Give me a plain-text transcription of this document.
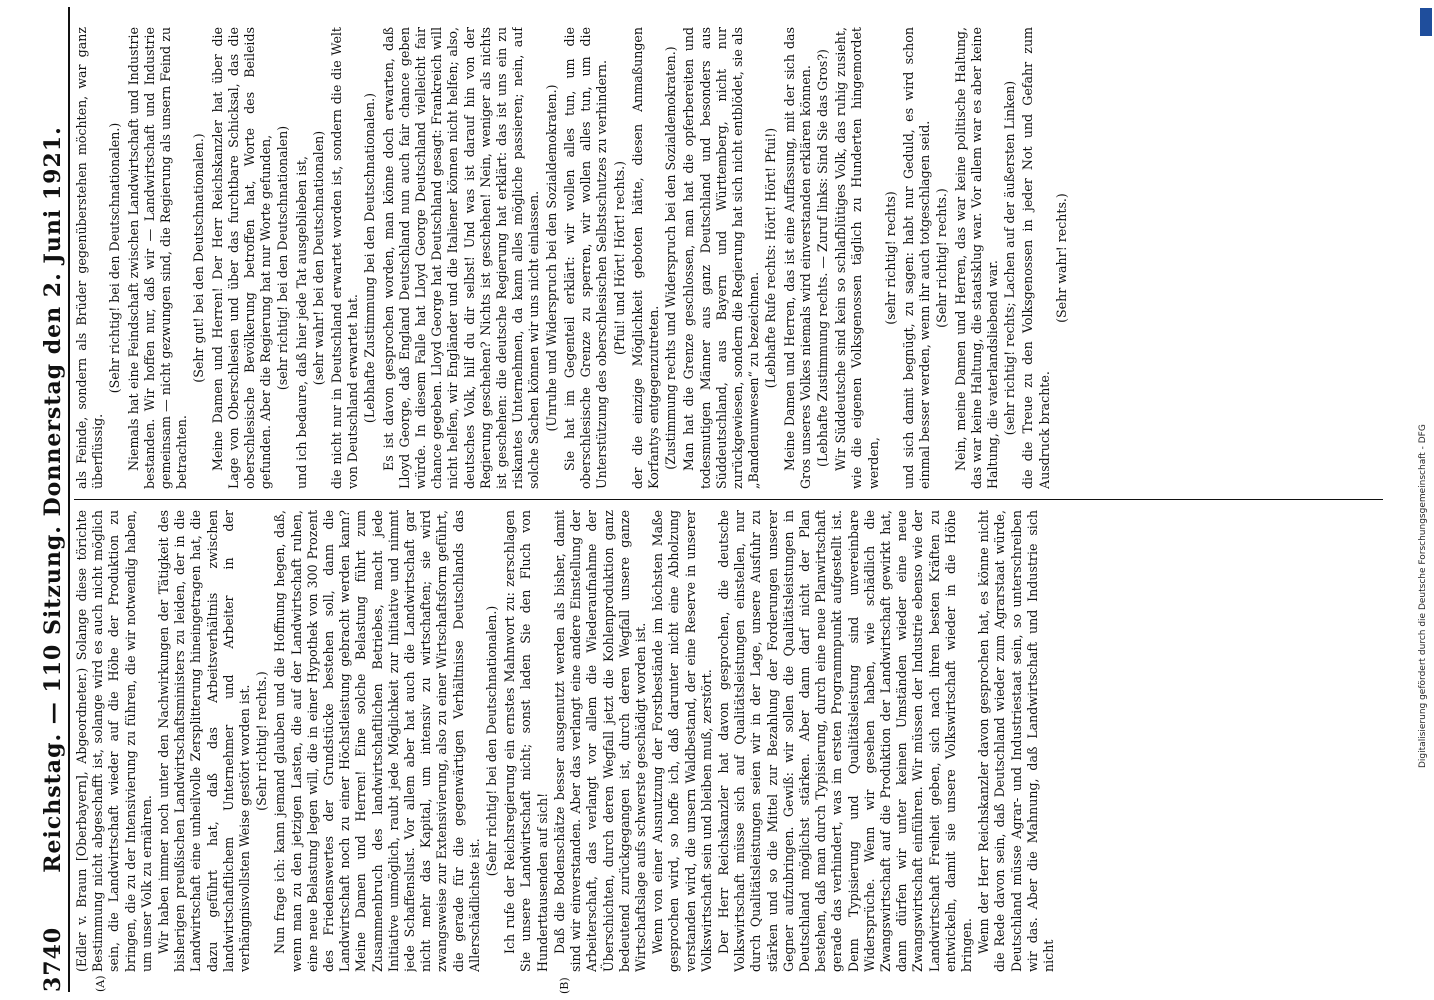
Digitalisierung gefördert durch die Deutsche Forschungsgemeinschaft - DFG
3740
Reichstag. — 110 Sitzung. Donnerstag den 2. Juni 1921.
(A)	(B)

(Edler v. Braun [Oberbayern], Abgeordneter.) Solange diese törichte Bestimmung nicht abgeschafft ist, solange wird es auch nicht möglich sein, die Landwirtschaft wieder auf die Höhe der Produktion zu bringen, die zu der Intensivierung zu führen, die wir notwendig haben, um unser Volk zu ernähren. Wir haben immer noch unter den Nachwirkungen der Tätigkeit des bisherigen preußischen Landwirtschaftsministers zu leiden, der in die Landwirtschaft eine unheilvolle Zersplitterung hineingetragen hat, die dazu geführt hat, daß das Arbeitsverhältnis zwischen landwirtschaftlichem Unternehmer und Arbeiter in der verhängnisvollsten Weise gestört worden ist. (Sehr richtig! rechts.) Nun frage ich: kann jemand glauben und die Hoffnung hegen, daß, wenn man zu den jetzigen Lasten, die auf der Landwirtschaft ruhen, eine neue Belastung legen will, die in einer Hypothek von 300 Prozent des Friedenswertes der Grundstücke bestehen soll, dann die Landwirtschaft noch zu einer Höchstleistung gebracht werden kann? Meine Damen und Herren! Eine solche Belastung führt zum Zusammenbruch des landwirtschaftlichen Betriebes, macht jede Initiative unmöglich, raubt jede Möglichkeit zur Initiative und nimmt jede Schaffenslust. Vor allem aber hat auch die Landwirtschaft gar nicht mehr das Kapital, um intensiv zu wirtschaften; sie wird zwangsweise zur Extensivierung, also zu einer Wirtschaftsform geführt, die gerade für die gegenwärtigen Verhältnisse Deutschlands das Allerschädlichste ist.

(Sehr richtig! bei den Deutschnationalen.) Ich rufe der Reichsregierung ein ernstes Mahnwort zu: zerschlagen Sie unsere Landwirtschaft nicht; sonst laden Sie den Fluch von Hunderttausenden auf sich! Daß die Bodenschätze besser ausgenutzt werden als bisher, damit sind wir einverstanden. Aber das verlangt eine andere Einstellung der Arbeiterschaft, das verlangt vor allem die Wiederaufnahme der Überschichten, durch deren Wegfall jetzt die Kohlenproduktion ganz bedeutend zurückgegangen ist, durch deren Wegfall unsere ganze Wirtschaftslage aufs schwerste geschädigt worden ist. Wenn von einer Ausnutzung der Forstbestände im höchsten Maße gesprochen wird, so hoffe ich, daß darunter nicht eine Abholzung verstanden wird, die unsern Waldbestand, der eine Reserve in unserer Volkswirtschaft sein und bleiben muß, zerstört. Der Herr Reichskanzler hat davon gesprochen, die deutsche Volkswirtschaft müsse sich auf Qualitätsleistungen einstellen, nur durch Qualitätsleistungen seien wir in der Lage, unsere Ausfuhr zu stärken und so die Mittel zur Bezahlung der Forderungen unserer Gegner aufzubringen. Gewiß: wir sollen die Qualitätsleistungen in Deutschland möglichst stärken. Aber dann darf nicht der Plan bestehen, daß man durch Typisierung, durch eine neue Planwirtschaft gerade das verhindert, was im ersten Programmpunkt aufgestellt ist. Denn Typisierung und Qualitätsleistung sind unvereinbare Widersprüche. Wenn wir gesehen haben, wie schädlich die Zwangswirtschaft auf die Produktion der Landwirtschaft gewirkt hat, dann dürfen wir unter keinen Umständen wieder eine neue Zwangswirtschaft einführen. Wir müssen der Industrie ebenso wie der Landwirtschaft Freiheit geben, sich nach ihren besten Kräften zu entwickeln, damit sie unsere Volkswirtschaft wieder in die Höhe bringen. Wenn der Herr Reichskanzler davon gesprochen hat, es könne nicht die Rede davon sein, daß Deutschland wieder zum Agrarstaat würde, Deutschland müsse Agrar- und Industriestaat sein, so unterschreiben wir das. Aber die Mahnung, daß Landwirtschaft und Industrie sich nicht

als Feinde, sondern als Brüder gegenüberstehen möchten, war ganz überflüssig.

(Sehr richtig! bei den Deutschnationalen.) Niemals hat eine Feindschaft zwischen Landwirtschaft und Industrie bestanden. Wir hoffen nur, daß wir — Landwirtschaft und Industrie gemeinsam — nicht gezwungen sind, die Regierung als unsern Feind zu betrachten.

(Sehr gut! bei den Deutschnationalen.) Meine Damen und Herren! Der Herr Reichskanzler hat über die Lage von Oberschlesien und über das furchtbare Schicksal, das die oberschlesische Bevölkerung betroffen hat, Worte des Beileids gefunden. Aber die Regierung hat nur Worte gefunden, (sehr richtig! bei den Deutschnationalen) und ich bedaure, daß hier jede Tat ausgeblieben ist, (sehr wahr! bei den Deutschnationalen) die nicht nur in Deutschland erwartet worden ist, sondern die die Welt von Deutschland erwartet hat. (Lebhafte Zustimmung bei den Deutschnationalen.) Es ist davon gesprochen worden, man könne doch erwarten, daß Lloyd George, daß England Deutschland nun auch fair chance geben würde. In diesem Falle hat Lloyd George Deutschland vielleicht fair chance gegeben. Lloyd George hat Deutschland gesagt: Frankreich will nicht helfen, wir Engländer und die Italiener können nicht helfen; also, deutsches Volk, hilf du dir selbst! Und was ist darauf hin von der Regierung geschehen? Nichts ist geschehen! Nein, weniger als nichts ist geschehen: die deutsche Regierung hat erklärt: das ist uns ein zu riskantes Unternehmen, da kann alles mögliche passieren; nein, auf solche Sachen können wir uns nicht einlassen. (Unruhe und Widerspruch bei den Sozialdemokraten.) Sie hat im Gegenteil erklärt: wir wollen alles tun, um die oberschlesische Grenze zu sperren, wir wollen alles tun, um die Unterstützung des oberschlesischen Selbstschutzes zu verhindern. (Pfui! und Hört! Hört! rechts.) der die einzige Möglichkeit geboten hätte, diesen Anmaßungen Korfantys entgegenzutreten. (Zustimmung rechts und Widerspruch bei den Sozialdemokraten.) Man hat die Grenze geschlossen, man hat die opferbereiten und todesmutigen Männer aus ganz Deutschland und besonders aus Süddeutschland, aus Bayern und Württemberg, nicht nur zurückgewiesen, sondern die Regierung hat sich nicht entblödet, sie als „Bandenunwesen“ zu bezeichnen. (Lebhafte Rufe rechts: Hört! Hört! Pfui!) Meine Damen und Herren, das ist eine Auffassung, mit der sich das Gros unseres Volkes niemals wird einverstanden erklären können. (Lebhafte Zustimmung rechts. — Zuruf links: Sind Sie das Gros?) Wir Süddeutsche sind kein so schlafblütiges Volk, das ruhig zusieht, wie die eigenen Volksgenossen täglich zu Hunderten hingemordet werden,

(sehr richtig! rechts) und sich damit begnügt, zu sagen: habt nur Geduld, es wird schon einmal besser werden, wenn ihr auch totgeschlagen seid. (Sehr richtig! rechts.) Nein, meine Damen und Herren, das war keine politische Haltung, das war keine Haltung, die staatsklug war. Vor allem war es aber keine Haltung, die vaterlandsliebend war. (sehr richtig! rechts; Lachen auf der äußersten Linken) die die Treue zu den Volksgenossen in jeder Not und Gefahr zum Ausdruck brachte.

(Sehr wahr! rechts.)
